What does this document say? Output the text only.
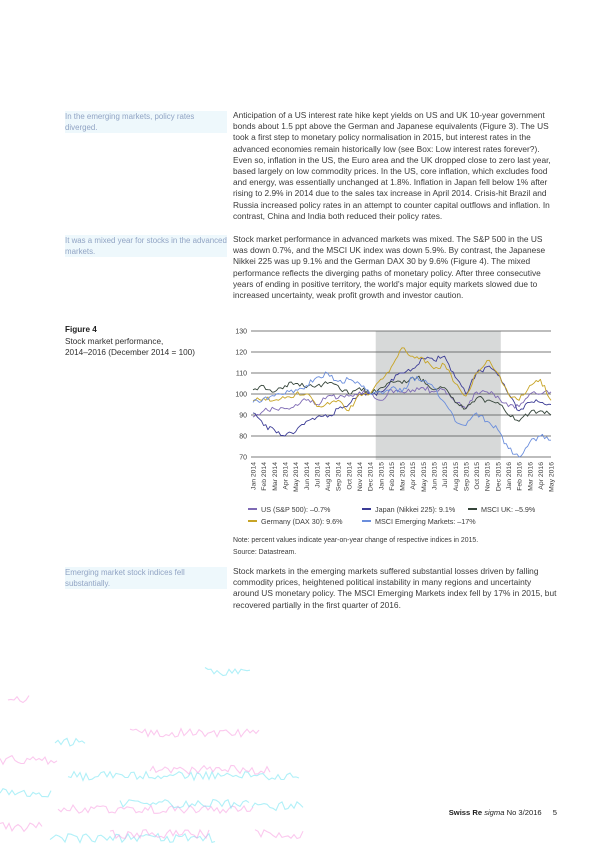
In the emerging markets, policy rates diverged.
Anticipation of a US interest rate hike kept yields on US and UK 10-year government bonds about 1.5 ppt above the German and Japanese equivalents (Figure 3). The US took a first step to monetary policy normalisation in 2015, but interest rates in the advanced economies remain historically low (see Box: Low interest rates forever?). Even so, inflation in the US, the Euro area and the UK dropped close to zero last year, based largely on low commodity prices. In the US, core inflation, which excludes food and energy, was essentially unchanged at 1.8%. Inflation in Japan fell below 1% after rising to 2.9% in 2014 due to the sales tax increase in April 2014. Crisis-hit Brazil and Russia increased policy rates in an attempt to counter capital outflows and inflation. In contrast, China and India both reduced their policy rates.
It was a mixed year for stocks in the advanced markets.
Stock market performance in advanced markets was mixed. The S&P 500 in the US was down 0.7%, and the MSCI UK index was down 5.9%. By contrast, the Japanese Nikkei 225 was up 9.1% and the German DAX 30 by 9.6% (Figure 4). The mixed performance reflects the diverging paths of monetary policy. After three consecutive years of ending in positive territory, the world's major equity markets slowed due to increased uncertainty, weak profit growth and investor caution.
Figure 4
Stock market performance,
2014–2016 (December 2014 = 100)
70
80
90
100
110
120
130
Jan 2014 Feb 2014 Mar 2014 Apr 2014 May 2014 Jun 2014 Jul 2014 Aug 2014 Sep 2014 Oct 2014 Nov 2014 Dec 2014 Jan 2015 Feb 2015 Mar 2015 Apr 2015 May 2015 Jun 2015 Jul 2015 Aug 2015 Sep 2015 Oct 2015 Nov 2015 Dec 2015 Jan 2016 Feb 2016 Mar 2016 Apr 2016 May 2016
US (S&P 500): –0.7%	Japan (Nikkei 225): 9.1%	MSCI UK: –5.9%
Germany (DAX 30): 9.6%	MSCI Emerging Markets: –17%
Note: percent values indicate year-on-year change of respective indices in 2015.
Source: Datastream.
Emerging market stock indices fell substantially.
Stock markets in the emerging markets suffered substantial losses driven by falling commodity prices, heightened political instability in many regions and uncertainty around US monetary policy. The MSCI Emerging Markets index fell by 17% in 2015, but recovered partially in the first quarter of 2016.
Swiss Re sigma No 3/2016 5
